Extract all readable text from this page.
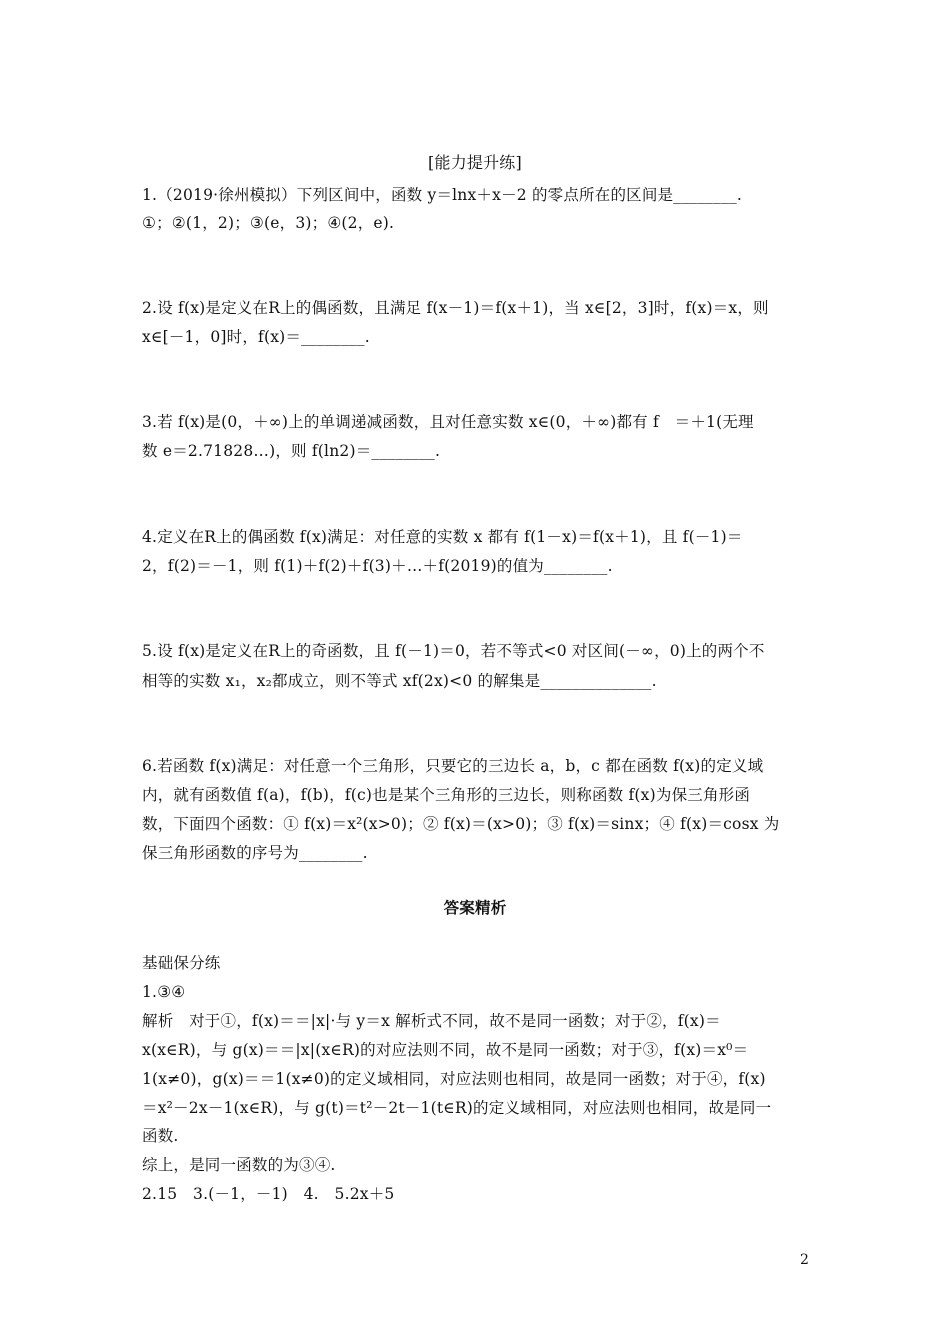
[能力提升练]
1.（2019·徐州模拟）下列区间中，函数 y＝lnx＋x－2 的零点所在的区间是________.
①；②(1，2)；③(e，3)；④(2，e).
2.设 f(x)是定义在R上的偶函数，且满足 f(x－1)＝f(x＋1)，当 x∈[2，3]时，f(x)＝x，则
x∈[－1，0]时，f(x)＝________.
3.若 f(x)是(0，＋∞)上的单调递减函数，且对任意实数 x∈(0，＋∞)都有 f　＝＋1(无理
数 e＝2.71828…)，则 f(ln2)＝________.
4.定义在R上的偶函数 f(x)满足：对任意的实数 x 都有 f(1－x)＝f(x＋1)，且 f(－1)＝
2，f(2)＝－1，则 f(1)＋f(2)＋f(3)＋…＋f(2019)的值为________.
5.设 f(x)是定义在R上的奇函数，且 f(－1)＝0，若不等式<0 对区间(－∞，0)上的两个不
相等的实数 x₁，x₂都成立，则不等式 xf(2x)<0 的解集是______________.
6.若函数 f(x)满足：对任意一个三角形，只要它的三边长 a，b，c 都在函数 f(x)的定义域
内，就有函数值 f(a)，f(b)，f(c)也是某个三角形的三边长，则称函数 f(x)为保三角形函
数，下面四个函数：① f(x)＝x²(x>0)；② f(x)＝(x>0)；③ f(x)＝sinx；④ f(x)＝cosx 为
保三角形函数的序号为________.
答案精析
基础保分练
1.③④
解析　对于①，f(x)＝＝|x|·与 y＝x 解析式不同，故不是同一函数；对于②，f(x)＝
x(x∈R)，与 g(x)＝＝|x|(x∈R)的对应法则不同，故不是同一函数；对于③，f(x)＝x⁰＝
1(x≠0)，g(x)＝＝1(x≠0)的定义域相同，对应法则也相同，故是同一函数；对于④，f(x)
＝x²－2x－1(x∈R)，与 g(t)＝t²－2t－1(t∈R)的定义域相同，对应法则也相同，故是同一
函数.
综上，是同一函数的为③④.
2.15　3.(－1，－1)　4.　5.2x＋5
2
